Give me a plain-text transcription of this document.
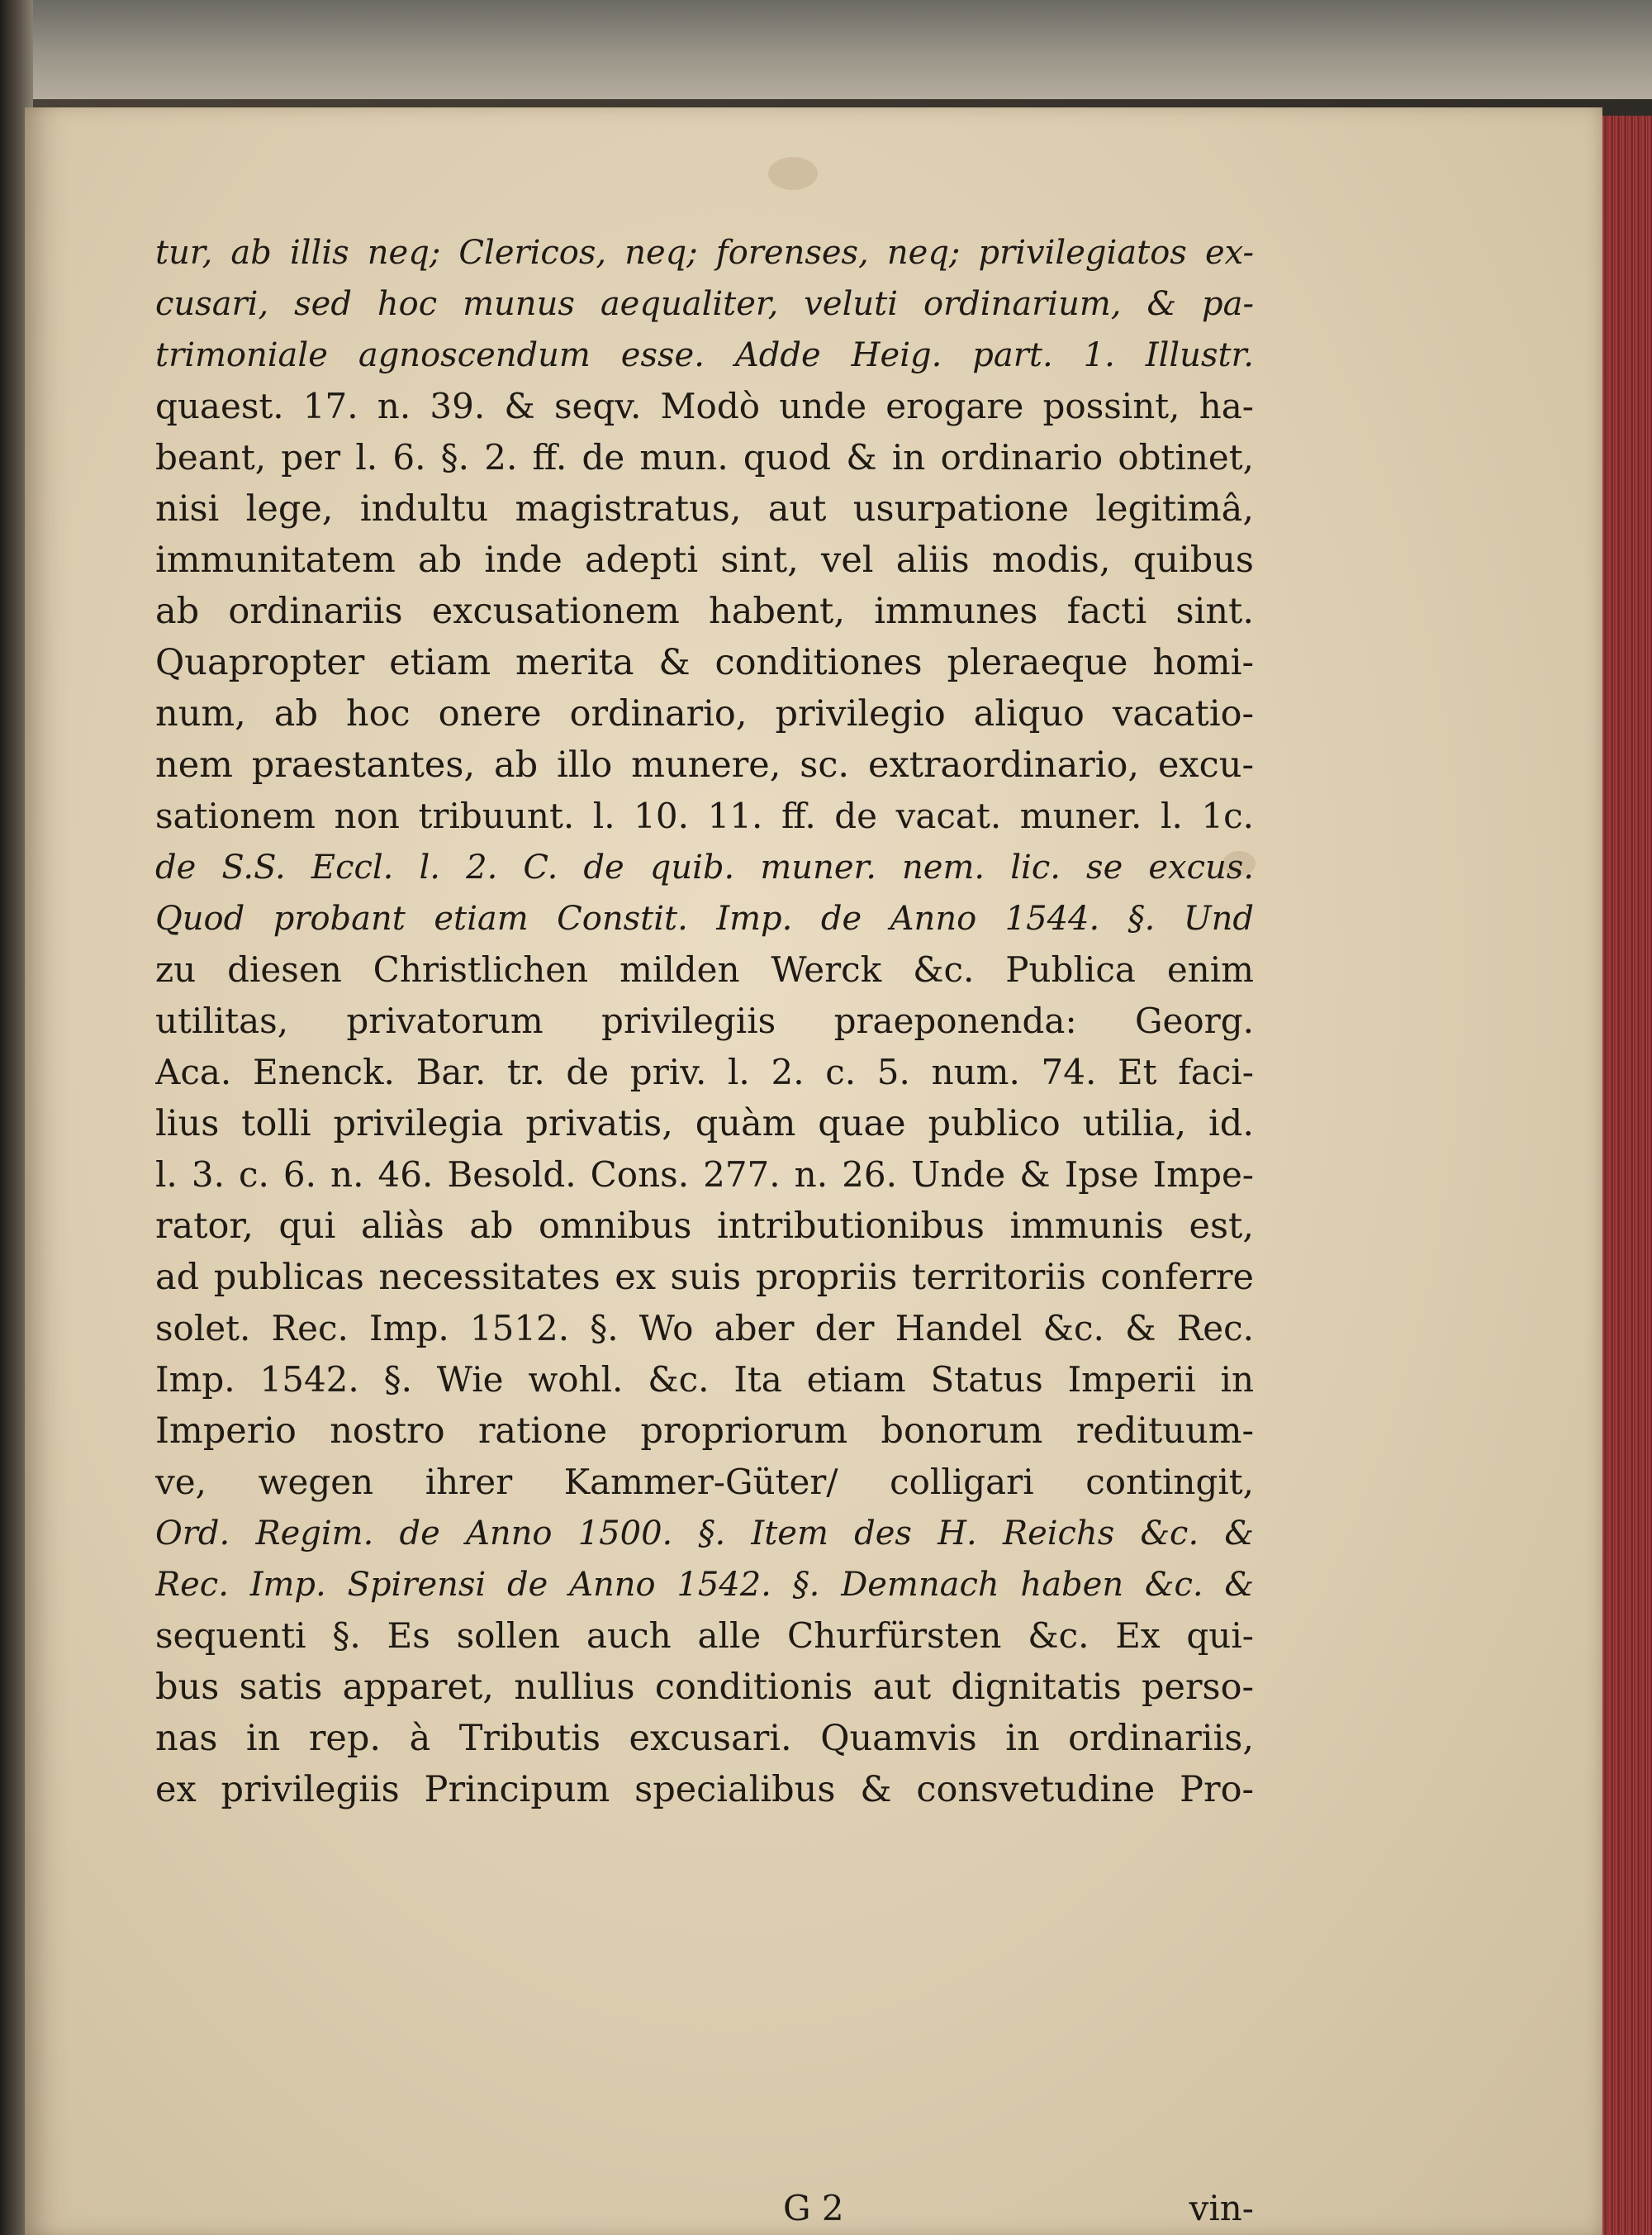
tur, ab illis neq; Clericos, neq; forenses, neq; privilegiatos ex-
cusari, sed hoc munus aequaliter, veluti ordinarium, & pa-
trimoniale agnoscendum esse. Adde Heig. part. 1. Illustr.
quaest. 17. n. 39. & seqv. Modò unde erogare possint, ha-
beant, per l. 6. §. 2. ff. de mun. quod & in ordinario obtinet,
nisi lege, indultu magistratus, aut usurpatione legitimâ,
immunitatem ab inde adepti sint, vel aliis modis, quibus
ab ordinariis excusationem habent, immunes facti sint.
Quapropter etiam merita & conditiones pleraeque homi-
num, ab hoc onere ordinario, privilegio aliquo vacatio-
nem praestantes, ab illo munere, sc. extraordinario, excu-
sationem non tribuunt. l. 10. 11. ff. de vacat. muner. l. 1c.
de S.S. Eccl. l. 2. C. de quib. muner. nem. lic. se excus.
Quod probant etiam Constit. Imp. de Anno 1544. §. Und
zu diesen Christlichen milden Werck &c. Publica enim
utilitas, privatorum privilegiis praeponenda: Georg.
Aca. Enenck. Bar. tr. de priv. l. 2. c. 5. num. 74. Et faci-
lius tolli privilegia privatis, quàm quae publico utilia, id.
l. 3. c. 6. n. 46. Besold. Cons. 277. n. 26. Unde & Ipse Impe-
rator, qui aliàs ab omnibus intributionibus immunis est,
ad publicas necessitates ex suis propriis territoriis conferre
solet. Rec. Imp. 1512. §. Wo aber der Handel &c. & Rec.
Imp. 1542. §. Wie wohl. &c. Ita etiam Status Imperii in
Imperio nostro ratione propriorum bonorum redituum-
ve, wegen ihrer Kammer-Güter/ colligari contingit,
Ord. Regim. de Anno 1500. §. Item des H. Reichs &c. &
Rec. Imp. Spirensi de Anno 1542. §. Demnach haben &c. &
sequenti §. Es sollen auch alle Churfürsten &c. Ex qui-
bus satis apparet, nullius conditionis aut dignitatis perso-
nas in rep. à Tributis excusari. Quamvis in ordinariis,
ex privilegiis Principum specialibus & consvetudine Pro-
G 2	vin-
